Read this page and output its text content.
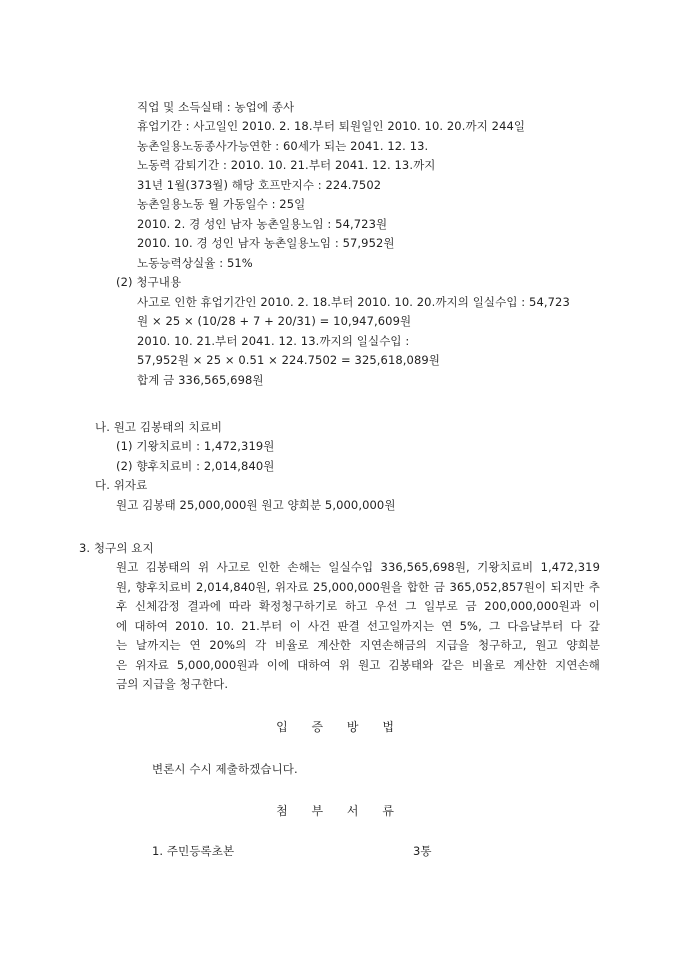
직업 및 소득실태 : 농업에 종사
휴업기간 : 사고일인 2010. 2. 18.부터 퇴원일인 2010. 10. 20.까지 244일
농촌일용노동종사가능연한 : 60세가 되는 2041. 12. 13.
노동력 감퇴기간 : 2010. 10. 21.부터 2041. 12. 13.까지
31년 1월(373월) 해당 호프만지수 : 224.7502
농촌일용노동 월 가동일수 : 25일
2010. 2. 경 성인 남자 농촌일용노임 : 54,723원
2010. 10. 경 성인 남자 농촌일용노임 : 57,952원
노동능력상실율 : 51%
(2) 청구내용
사고로 인한 휴업기간인 2010. 2. 18.부터 2010. 10. 20.까지의 일실수입 : 54,723
원 × 25 × (10/28 + 7 + 20/31) = 10,947,609원
2010. 10. 21.부터 2041. 12. 13.까지의 일실수입 :
57,952원 × 25 × 0.51 × 224.7502 = 325,618,089원
합계 금 336,565,698원
나. 원고 김봉태의 치료비
(1) 기왕치료비 : 1,472,319원
(2) 향후치료비 : 2,014,840원
다. 위자료
원고 김봉태 25,000,000원 원고 양희분 5,000,000원
3. 청구의 요지
원고 김봉태의 위 사고로 인한 손해는 일실수입 336,565,698원, 기왕치료비 1,472,319
원, 향후치료비 2,014,840원, 위자료 25,000,000원을 합한 금 365,052,857원이 되지만 추
후 신체감정 결과에 따라 확정청구하기로 하고 우선 그 일부로 금 200,000,000원과 이
에 대하여 2010. 10. 21.부터 이 사건 판결 선고일까지는 연 5%, 그 다음날부터 다 갚
는 날까지는 연 20%의 각 비율로 계산한 지연손해금의 지급을 청구하고, 원고 양희분
은 위자료 5,000,000원과 이에 대하여 위 원고 김봉태와 같은 비율로 계산한 지연손해
금의 지급을 청구한다.
입 증 방 법
변론시 수시 제출하겠습니다.
첨 부 서 류
1. 주민등록초본	3통
